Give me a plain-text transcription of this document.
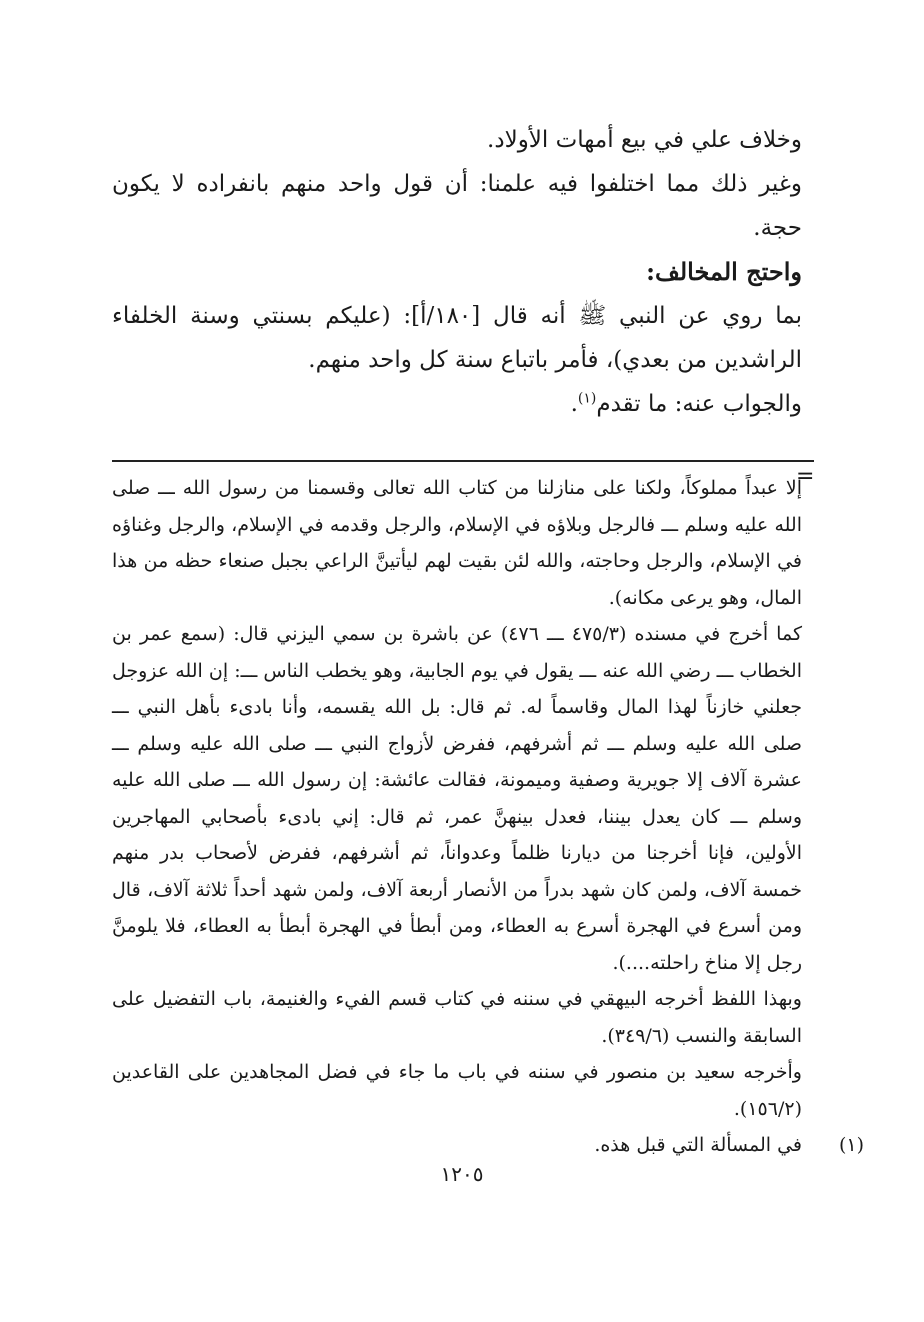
وخلاف علي في بيع أمهات الأولاد.

وغير ذلك مما اختلفوا فيه علمنا: أن قول واحد منهم بانفراده لا يكون حجة.

واحتج المخالف:

بما روي عن النبي ﷺ أنه قال [١٨٠/أ]: (عليكم بسنتي وسنة الخلفاء الراشدين من بعدي)، فأمر باتباع سنة كل واحد منهم.

والجواب عنه: ما تقدم$^{(١)}$.

=

إلا عبداً مملوكاً، ولكنا على منازلنا من كتاب الله تعالى وقسمنا من رسول الله ـــ صلى الله عليه وسلم ـــ فالرجل وبلاؤه في الإسلام، والرجل وقدمه في الإسلام، والرجل وغناؤه في الإسلام، والرجل وحاجته، والله لئن بقيت لهم ليأتينَّ الراعي بجبل صنعاء حظه من هذا المال، وهو يرعى مكانه).

كما أخرج في مسنده (٤٧٥/٣ ـــ ٤٧٦) عن باشرة بن سمي اليزني قال: (سمع عمر بن الخطاب ـــ رضي الله عنه ـــ يقول في يوم الجابية، وهو يخطب الناس ـــ: إن الله عزوجل جعلني خازناً لهذا المال وقاسماً له. ثم قال: بل الله يقسمه، وأنا بادىء بأهل النبي ـــ صلى الله عليه وسلم ـــ ثم أشرفهم، ففرض لأزواج النبي ـــ صلى الله عليه وسلم ـــ عشرة آلاف إلا جويرية وصفية وميمونة، فقالت عائشة: إن رسول الله ـــ صلى الله عليه وسلم ـــ كان يعدل بيننا، فعدل بينهنَّ عمر، ثم قال: إني بادىء بأصحابي المهاجرين الأولين، فإنا أخرجنا من ديارنا ظلماً وعدواناً، ثم أشرفهم، ففرض لأصحاب بدر منهم خمسة آلاف، ولمن كان شهد بدراً من الأنصار أربعة آلاف، ولمن شهد أحداً ثلاثة آلاف، قال ومن أسرع في الهجرة أسرع به العطاء، ومن أبطأ في الهجرة أبطأ به العطاء، فلا يلومنَّ رجل إلا مناخ راحلته....).

وبهذا اللفظ أخرجه البيهقي في سننه في كتاب قسم الفيء والغنيمة، باب التفضيل على السابقة والنسب (٣٤٩/٦).

وأخرجه سعيد بن منصور في سننه في باب ما جاء في فضل المجاهدين على القاعدين (١٥٦/٢).

(١)
في المسألة التي قبل هذه.

١٢٠٥
